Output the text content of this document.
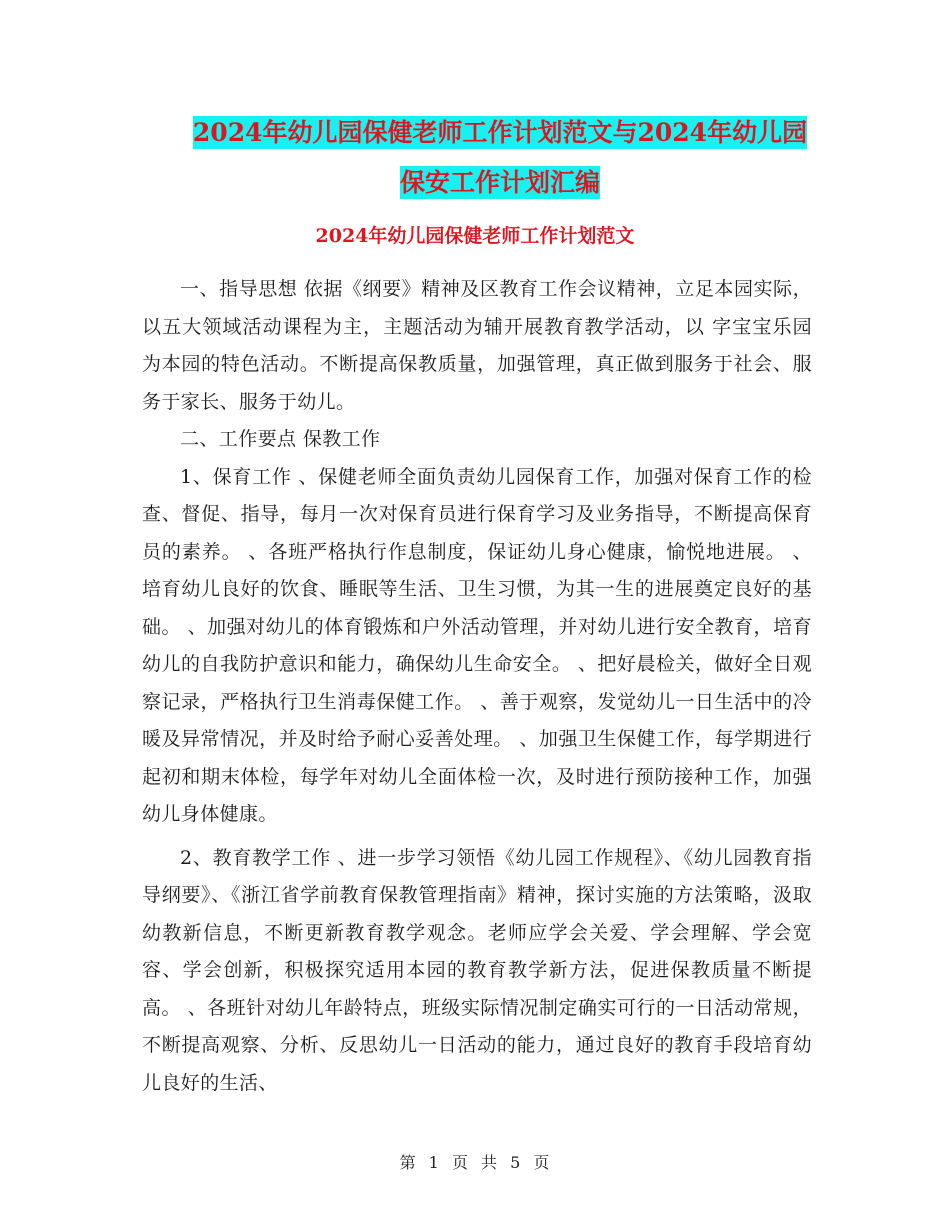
2024年幼儿园保健老师工作计划范文与2024年幼儿园
保安工作计划汇编
2024年幼儿园保健老师工作计划范文

一、指导思想 依据《纲要》精神及区教育工作会议精神，立足本园实际，以五大领域活动课程为主，主题活动为辅开展教育教学活动，以 字宝宝乐园 为本园的特色活动。不断提高保教质量，加强管理，真正做到服务于社会、服务于家长、服务于幼儿。

二、工作要点 保教工作

1、保育工作 、保健老师全面负责幼儿园保育工作，加强对保育工作的检查、督促、指导，每月一次对保育员进行保育学习及业务指导，不断提高保育员的素养。 、各班严格执行作息制度，保证幼儿身心健康，愉悦地进展。 、培育幼儿良好的饮食、睡眠等生活、卫生习惯，为其一生的进展奠定良好的基础。 、加强对幼儿的体育锻炼和户外活动管理，并对幼儿进行安全教育，培育幼儿的自我防护意识和能力，确保幼儿生命安全。 、把好晨检关，做好全日观察记录，严格执行卫生消毒保健工作。 、善于观察，发觉幼儿一日生活中的冷暖及异常情况，并及时给予耐心妥善处理。 、加强卫生保健工作，每学期进行起初和期末体检，每学年对幼儿全面体检一次，及时进行预防接种工作，加强幼儿身体健康。

2、教育教学工作 、进一步学习领悟《幼儿园工作规程》、《幼儿园教育指导纲要》、《浙江省学前教育保教管理指南》精神，探讨实施的方法策略，汲取幼教新信息，不断更新教育教学观念。老师应学会关爱、学会理解、学会宽容、学会创新，积极探究适用本园的教育教学新方法，促进保教质量不断提高。 、各班针对幼儿年龄特点，班级实际情况制定确实可行的一日活动常规，不断提高观察、分析、反思幼儿一日活动的能力，通过良好的教育手段培育幼儿良好的生活、

第 1 页 共 5 页
